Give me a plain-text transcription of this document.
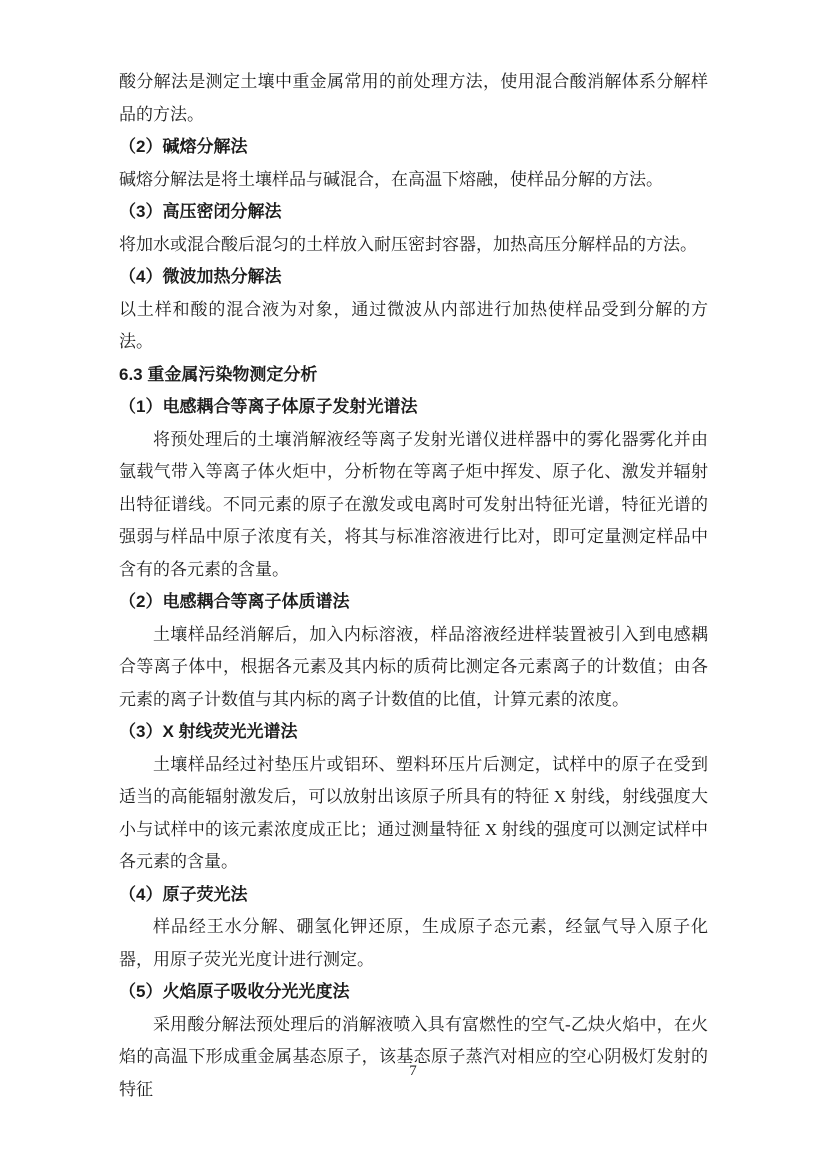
酸分解法是测定土壤中重金属常用的前处理方法，使用混合酸消解体系分解样品的方法。

（2）碱熔分解法

碱熔分解法是将土壤样品与碱混合，在高温下熔融，使样品分解的方法。

（3）高压密闭分解法

将加水或混合酸后混匀的土样放入耐压密封容器，加热高压分解样品的方法。

（4）微波加热分解法

以土样和酸的混合液为对象，通过微波从内部进行加热使样品受到分解的方法。

6.3 重金属污染物测定分析

（1）电感耦合等离子体原子发射光谱法

将预处理后的土壤消解液经等离子发射光谱仪进样器中的雾化器雾化并由氩载气带入等离子体火炬中，分析物在等离子炬中挥发、原子化、激发并辐射出特征谱线。不同元素的原子在激发或电离时可发射出特征光谱，特征光谱的强弱与样品中原子浓度有关，将其与标准溶液进行比对，即可定量测定样品中含有的各元素的含量。

（2）电感耦合等离子体质谱法

土壤样品经消解后，加入内标溶液，样品溶液经进样装置被引入到电感耦合等离子体中，根据各元素及其内标的质荷比测定各元素离子的计数值；由各元素的离子计数值与其内标的离子计数值的比值，计算元素的浓度。

（3）X 射线荧光光谱法

土壤样品经过衬垫压片或铝环、塑料环压片后测定，试样中的原子在受到适当的高能辐射激发后，可以放射出该原子所具有的特征 X 射线，射线强度大小与试样中的该元素浓度成正比；通过测量特征 X 射线的强度可以测定试样中各元素的含量。

（4）原子荧光法

样品经王水分解、硼氢化钾还原，生成原子态元素，经氩气导入原子化器，用原子荧光光度计进行测定。

（5）火焰原子吸收分光光度法

采用酸分解法预处理后的消解液喷入具有富燃性的空气-乙炔火焰中，在火焰的高温下形成重金属基态原子，该基态原子蒸汽对相应的空心阴极灯发射的特征

7
